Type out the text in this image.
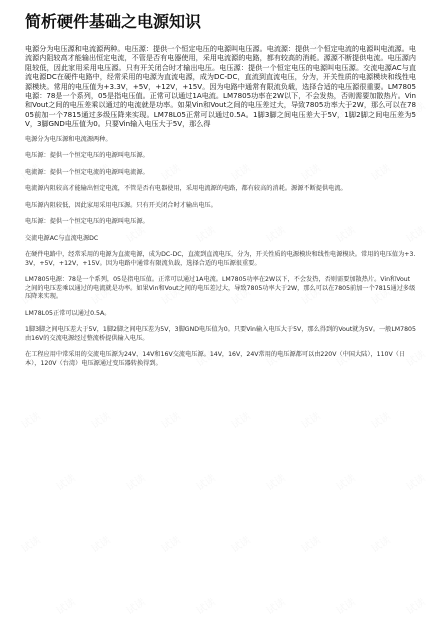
简析硬件基础之电源知识

电源分为电压源和电流源两种。电压源：提供一个恒定电压的电源叫电压源。电流源：提供一个恒定电流的电源叫电流源。电流源内阻较高才能输出恒定电流，不管是否有电器使用，采用电流源的电路，都有较高的消耗。源源不断提供电流。电压源内阻较低，因此家用采用电压源。只有开关闭合时才输出电压。电压源：提供一个恒定电压的电源叫电压源。交流电源AC与直流电源DC在硬件电路中，经常采用的电源为直流电源，成为DC-DC，直流到直流电压，分为，开关性质的电源模块和线性电源模块。常用的电压值为+3.3V，+5V，+12V，+15V。因为电路中通常有限流负载，选择合适的电压源很重要。LM7805电源：78是一个系列，05是指电压值。正常可以通过1A电流。LM7805功率在2W以下，不会发热，否则需要加散热片。Vin和Vout之间的电压差乘以通过的电流就是功率。如果Vin和Vout之间的电压差过大，导致7805功率大于2W，那么可以在7805前加一个7815通过多级压降来实现。LM78L05正常可以通过0.5A。1脚3脚之间电压差大于5V，1脚2脚之间电压差为5V，3脚GND电压值为0。只要Vin输入电压大于5V，那么得

电源分为电压源和电流源两种。

电压源：提供一个恒定电压的电源叫电压源。

电流源：提供一个恒定电流的电源叫电流源。

电流源内阻较高才能输出恒定电流，不管是否有电器使用，采用电流源的电路，都有较高的消耗。源源不断提供电流。

电压源内阻较低，因此家用采用电压源。只有开关闭合时才输出电压。

电压源：提供一个恒定电压的电源叫电压源。

交流电源AC与直流电源DC

在硬件电路中，经常采用的电源为直流电源，成为DC-DC，直流到直流电压，分为，开关性质的电源模块和线性电源模块。常用的电压值为+3.3V，+5V，+12V，+15V。因为电路中通常有限流负载，选择合适的电压源很重要。

LM7805电源：78是一个系列，05是指电压值。正常可以通过1A电流。LM7805功率在2W以下，不会发热，否则需要加散热片。Vin和Vout之间的电压差乘以通过的电流就是功率。如果Vin和Vout之间的电压差过大，导致7805功率大于2W，那么可以在7805前加一个7815通过多级压降来实现。

LM78L05正常可以通过0.5A。

1脚3脚之间电压差大于5V，1脚2脚之间电压差为5V，3脚GND电压值为0。只要Vin输入电压大于5V，那么得到的Vout就为5V。一般LM7805由16V的交流电源经过整流桥提供输入电压。

在工程应用中常采用的交流电压源为24V、14V和16V交流电压源。14V，16V，24V常用的电压源都可以由220V（中国大陆），110V（日本），120V（台湾）电压源通过变压器转换得到。
